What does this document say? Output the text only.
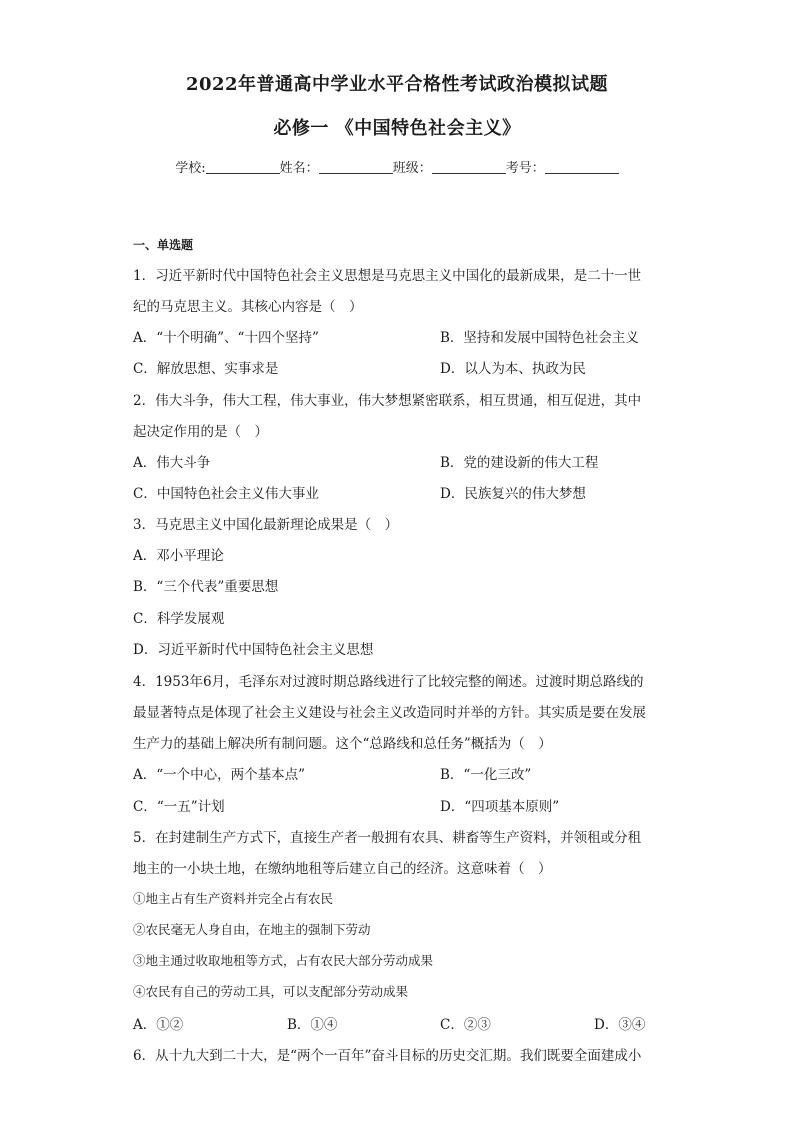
2022年普通高中学业水平合格性考试政治模拟试题
必修一 《中国特色社会主义》
学校:	姓名：	班级：	考号：
一、单选题
1．习近平新时代中国特色社会主义思想是马克思主义中国化的最新成果，是二十一世
纪的马克思主义。其核心内容是（　）
A．“十个明确”、“十四个坚持”	B．坚持和发展中国特色社会主义
C．解放思想、实事求是	D．以人为本、执政为民
2．伟大斗争，伟大工程，伟大事业，伟大梦想紧密联系，相互贯通，相互促进，其中
起决定作用的是（　）
A．伟大斗争	B．党的建设新的伟大工程
C．中国特色社会主义伟大事业	D．民族复兴的伟大梦想
3．马克思主义中国化最新理论成果是（　）
A．邓小平理论
B．“三个代表”重要思想
C．科学发展观
D．习近平新时代中国特色社会主义思想
4．1953年6月，毛泽东对过渡时期总路线进行了比较完整的阐述。过渡时期总路线的
最显著特点是体现了社会主义建设与社会主义改造同时并举的方针。其实质是要在发展
生产力的基础上解决所有制问题。这个“总路线和总任务”概括为（　）
A．“一个中心，两个基本点”	B．“一化三改”
C．“一五”计划	D．“四项基本原则”
5．在封建制生产方式下，直接生产者一般拥有农具、耕畜等生产资料，并领租或分租
地主的一小块土地，在缴纳地租等后建立自己的经济。这意味着（　）
①地主占有生产资料并完全占有农民
②农民毫无人身自由，在地主的强制下劳动
③地主通过收取地租等方式，占有农民大部分劳动成果
④农民有自己的劳动工具，可以支配部分劳动成果
A．①②	B．①④	C．②③	D．③④
6．从十九大到二十大，是“两个一百年”奋斗目标的历史交汇期。我们既要全面建成小
